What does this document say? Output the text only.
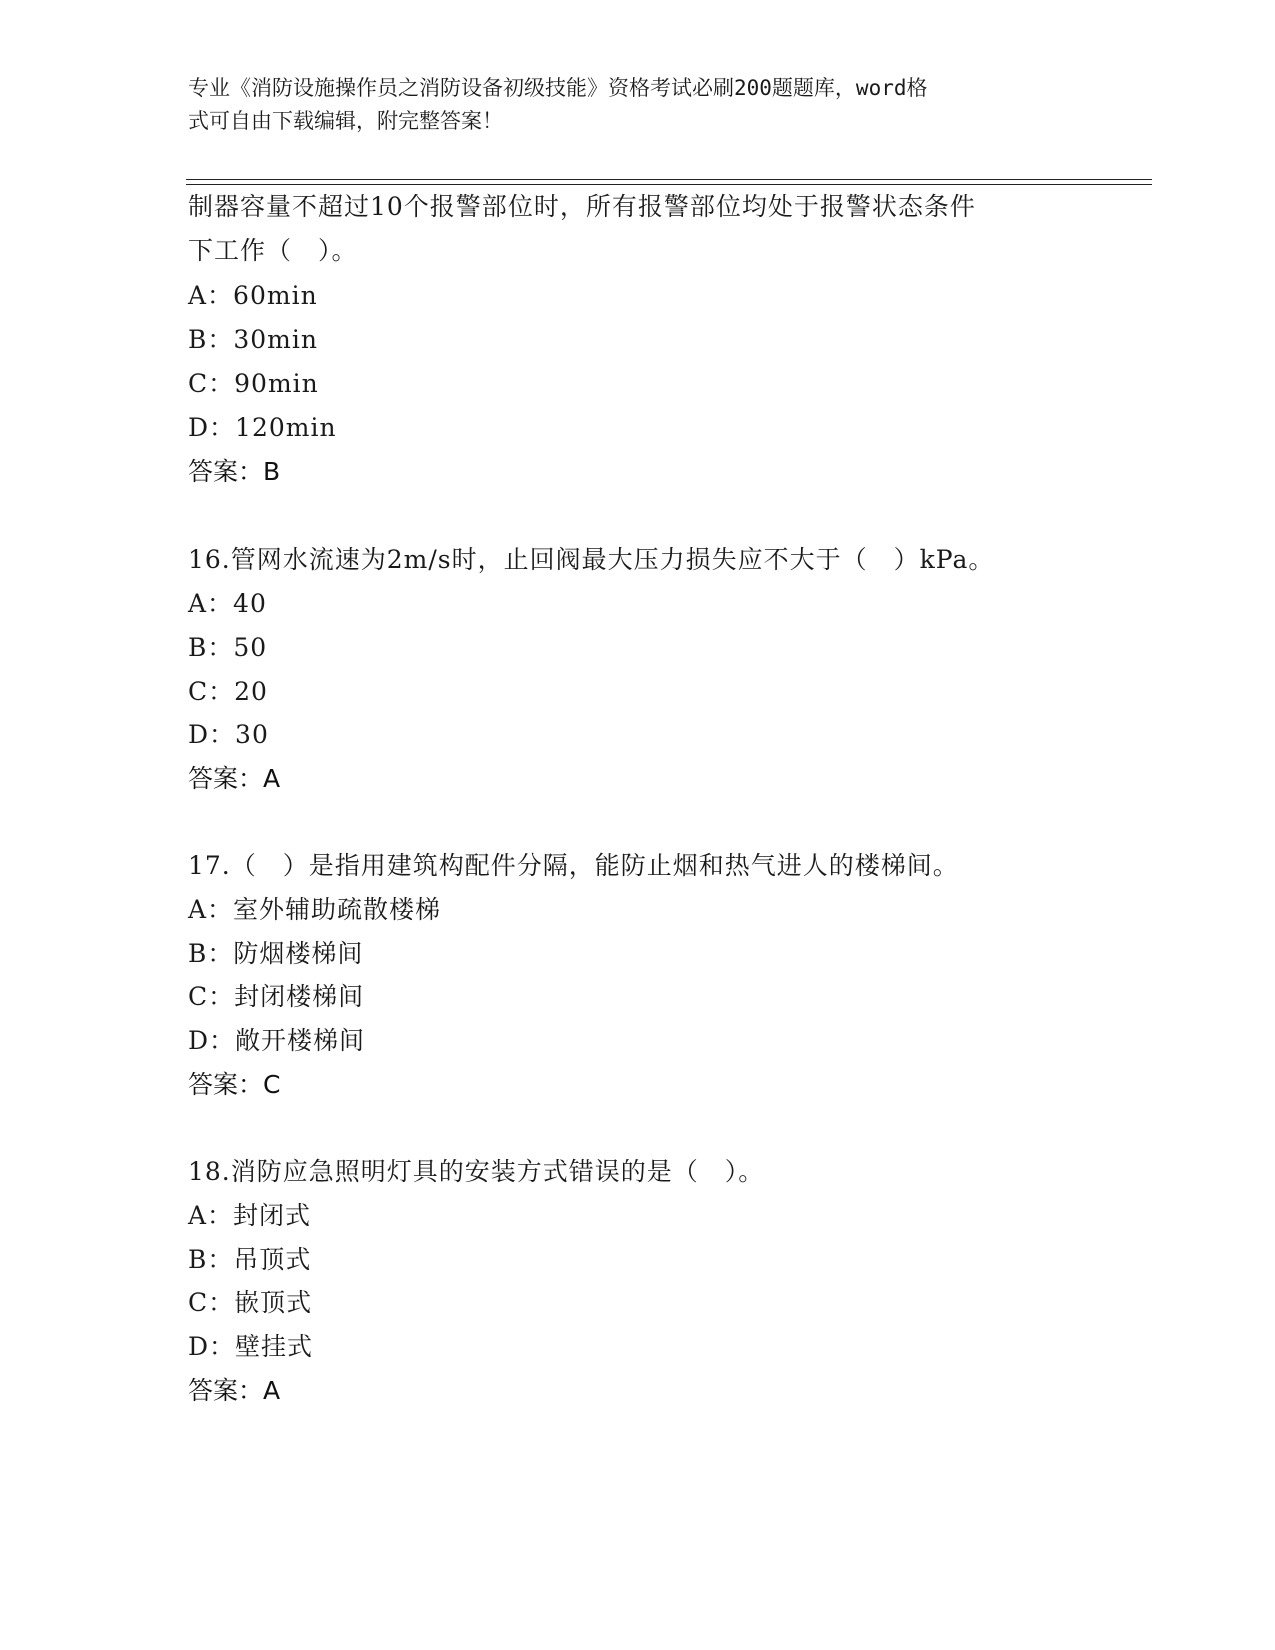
专业《消防设施操作员之消防设备初级技能》资格考试必刷200题题库，word格
式可自由下载编辑，附完整答案！
制器容量不超过10个报警部位时，所有报警部位均处于报警状态条件
下工作（　）。
A：60min
B：30min
C：90min
D：120min
答案：B
16.管网水流速为2m/s时，止回阀最大压力损失应不大于（　）kPa。
A：40
B：50
C：20
D：30
答案：A
17.（　）是指用建筑构配件分隔，能防止烟和热气进人的楼梯间。
A：室外辅助疏散楼梯
B：防烟楼梯间
C：封闭楼梯间
D：敞开楼梯间
答案：C
18.消防应急照明灯具的安装方式错误的是（　）。
A：封闭式
B：吊顶式
C：嵌顶式
D：壁挂式
答案：A
